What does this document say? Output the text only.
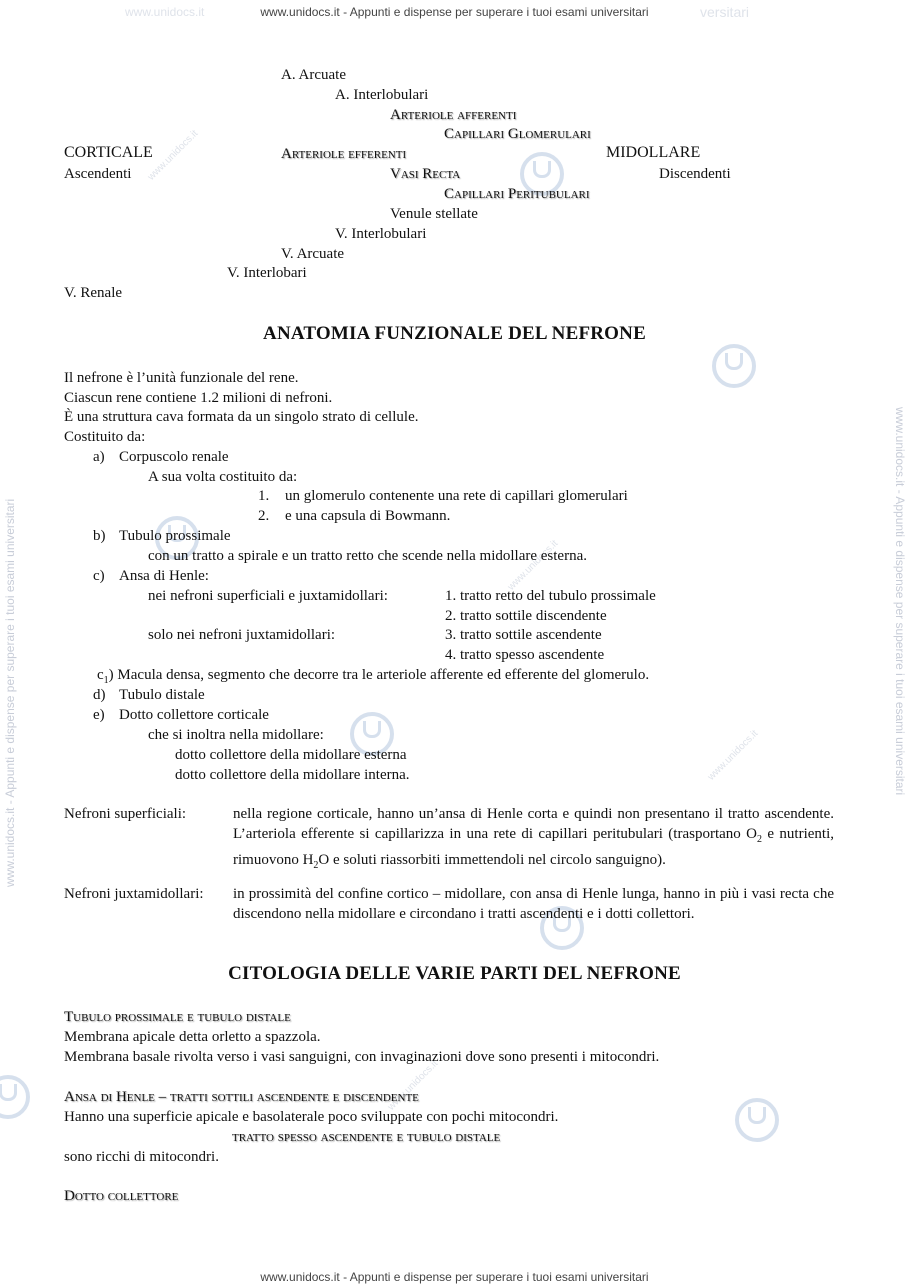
www.unidocs.it - Appunti e dispense per superare i tuoi esami universitari
www.unidocs.it	versitari
www.unidocs.it - Appunti e dispense per superare i tuoi esami universitari
www.unidocs.it - Appunti e dispense per superare i tuoi esami universitari	www.unidocs.it - Appunti e dispense per superare i tuoi esami universitari
www.unidocs.it
www.unidocs.it
www.unidocs.it
www.unidocs.it
A. Arcuate
A. Interlobulari
Arteriole afferenti
Capillari Glomerulari
CORTICALE	Arteriole efferenti	MIDOLLARE
Ascendenti	Vasi Recta	Discendenti
Capillari Peritubulari
Venule stellate
V. Interlobulari
V. Arcuate
V. Interlobari
V. Renale
ANATOMIA FUNZIONALE DEL NEFRONE
Il nefrone è l’unità funzionale del rene.
Ciascun rene contiene 1.2 milioni di nefroni.
È una struttura cava formata da un singolo strato di cellule.
Costituito da:
a) Corpuscolo renale
A sua volta costituito da:
1. un glomerulo contenente una rete di capillari glomerulari
2. e una capsula di Bowmann.
b) Tubulo prossimale
con un tratto a spirale e un tratto retto che scende nella midollare esterna.
c) Ansa di Henle:
nei nefroni superficiali e juxtamidollari:	1. tratto retto del tubulo prossimale
2. tratto sottile discendente
solo nei nefroni juxtamidollari:	3. tratto sottile ascendente
4. tratto spesso ascendente
$c_1$) Macula densa, segmento che decorre tra le arteriole afferente ed efferente del glomerulo.
d) Tubulo distale
e) Dotto collettore corticale
che si inoltra nella midollare:
dotto collettore della midollare esterna
dotto collettore della midollare interna.
Nefroni superficiali:	nella regione corticale, hanno un’ansa di Henle corta e quindi non presentano il tratto ascendente. L’arteriola efferente si capillarizza in una rete di capillari peritubulari (trasportano $O_2$ e nutrienti, rimuovono $H_2O$ e soluti riassorbiti immettendoli nel circolo sanguigno).
Nefroni juxtamidollari: in prossimità del confine cortico – midollare, con ansa di Henle lunga, hanno in più i vasi recta che discendono nella midollare e circondano i tratti ascendenti e i dotti collettori.
CITOLOGIA DELLE VARIE PARTI DEL NEFRONE
Tubulo prossimale e tubulo distale
Membrana apicale detta orletto a spazzola.
Membrana basale rivolta verso i vasi sanguigni, con invaginazioni dove sono presenti i mitocondri.
Ansa di Henle – tratti sottili ascendente e discendente
Hanno una superficie apicale e basolaterale poco sviluppate con pochi mitocondri.
tratto spesso ascendente e tubulo distale
sono ricchi di mitocondri.
Dotto collettore
